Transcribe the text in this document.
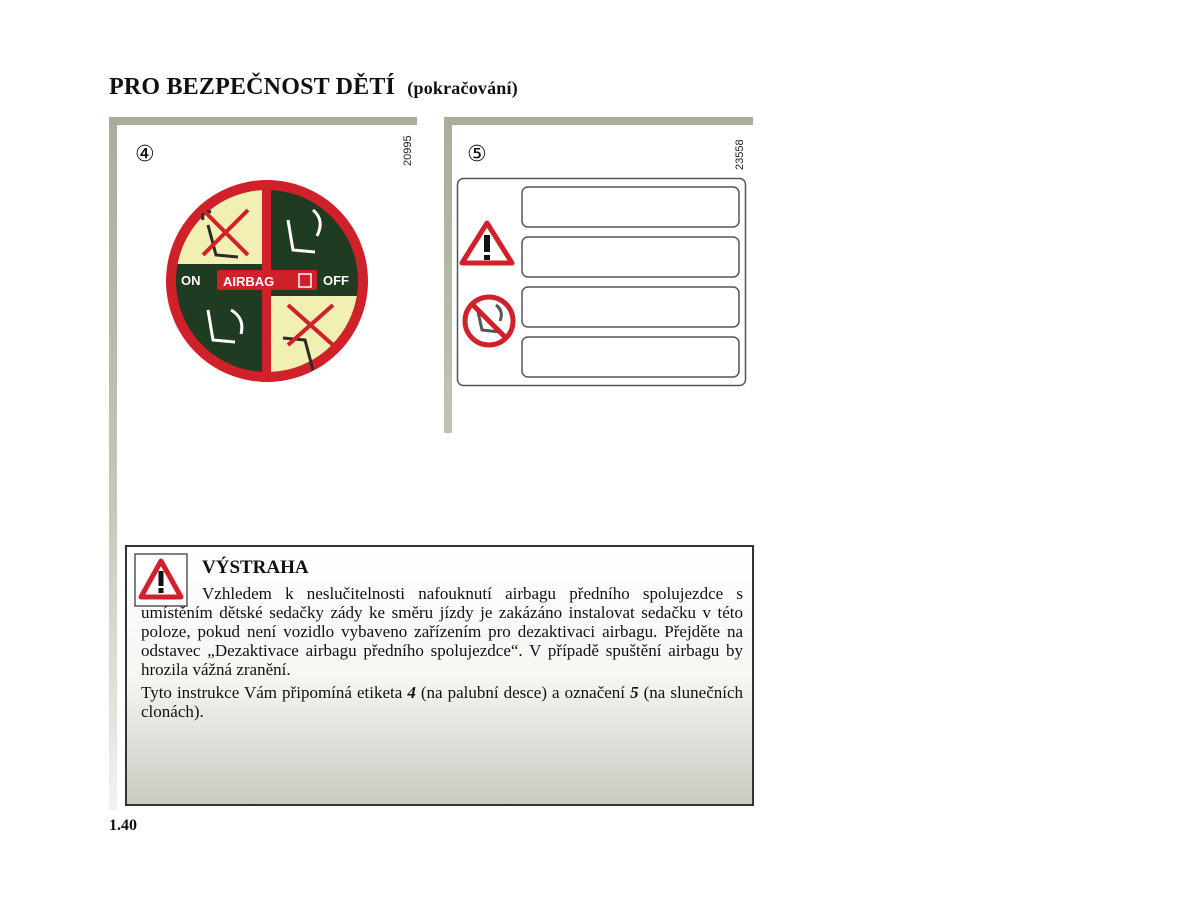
PRO BEZPEČNOST DĚTÍ (pokračování)
④	20995
ON AIRBAG	OFF
⑤	23558
VÝSTRAHA
Vzhledem k neslučitelnosti nafouknutí airbagu předního spolujezdce s umístěním dětské sedačky zády ke směru jízdy je zakázáno instalovat sedačku v této poloze, pokud není vozidlo vybaveno zařízením pro dezaktivaci airbagu. Přejděte na odstavec „Dezaktivace airbagu předního spolujezdce“. V případě spuštění airbagu by hrozila vážná zranění.
Tyto instrukce Vám připomíná etiketa 4 (na palubní desce) a označení 5 (na slunečních clonách).
1.40
